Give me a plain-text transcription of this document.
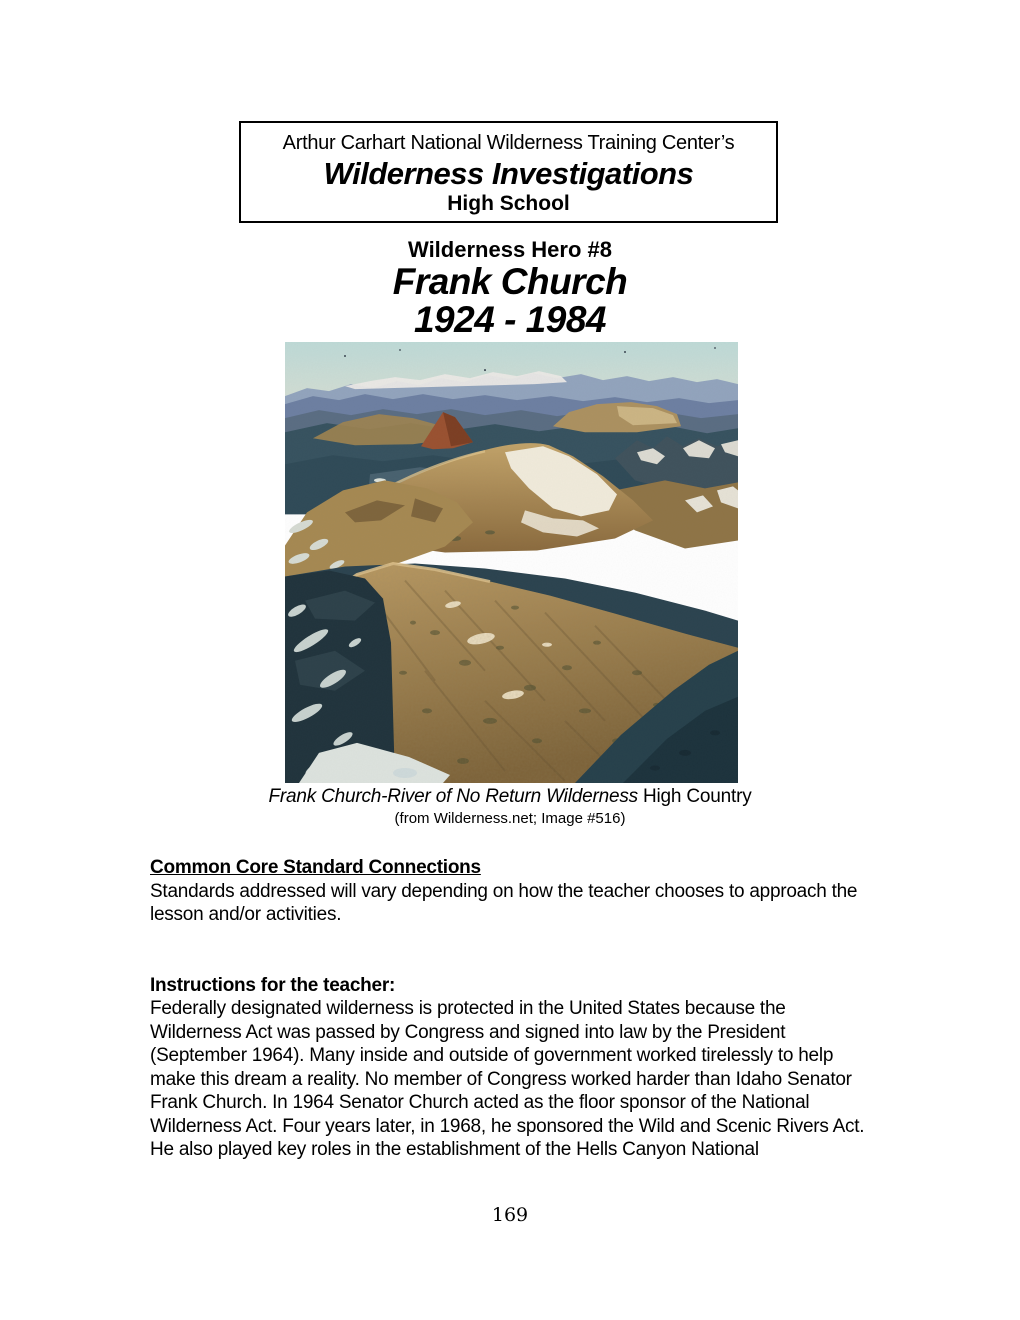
Arthur Carhart National Wilderness Training Center’s
Wilderness Investigations
High School
Wilderness Hero #8
Frank Church
1924 - 1984
Frank Church-River of No Return Wilderness High Country
(from Wilderness.net; Image #516)
Common Core Standard Connections

Standards addressed will vary depending on how the teacher chooses to approach the lesson and/or activities.

Instructions for the teacher:

Federally designated wilderness is protected in the United States because the Wilderness Act was passed by Congress and signed into law by the President (September 1964). Many inside and outside of government worked tirelessly to help make this dream a reality. No member of Congress worked harder than Idaho Senator Frank Church. In 1964 Senator Church acted as the floor sponsor of the National Wilderness Act. Four years later, in 1968, he sponsored the Wild and Scenic Rivers Act. He also played key roles in the establishment of the Hells Canyon National

169
